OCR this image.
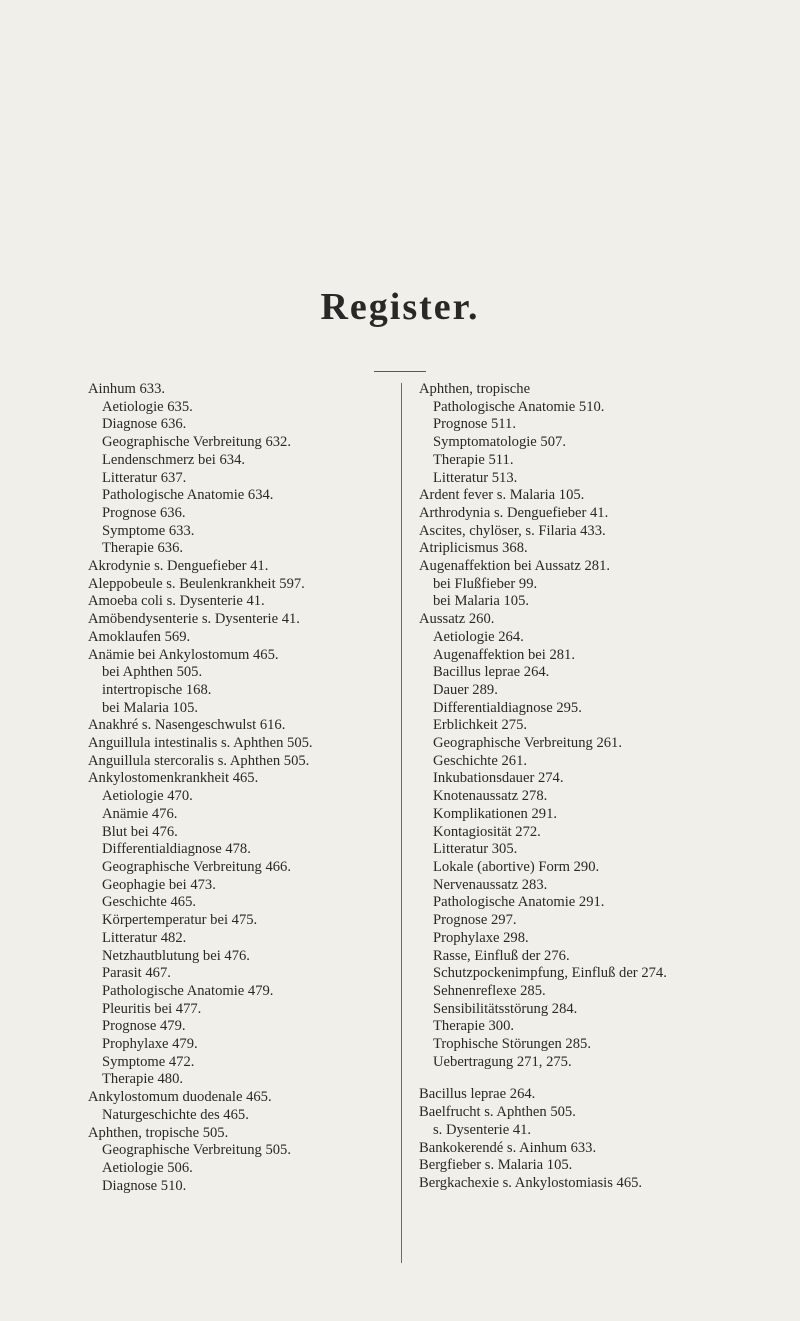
Register.
Ainhum 633.
Aetiologie 635.
Diagnose 636.
Geographische Verbreitung 632.
Lendenschmerz bei 634.
Litteratur 637.
Pathologische Anatomie 634.
Prognose 636.
Symptome 633.
Therapie 636.
Akrodynie s. Denguefieber 41.
Aleppobeule s. Beulenkrankheit 597.
Amoeba coli s. Dysenterie 41.
Amöbendysenterie s. Dysenterie 41.
Amoklaufen 569.
Anämie bei Ankylostomum 465.
bei Aphthen 505.
intertropische 168.
bei Malaria 105.
Anakhré s. Nasengeschwulst 616.
Anguillula intestinalis s. Aphthen 505.
Anguillula stercoralis s. Aphthen 505.
Ankylostomenkrankheit 465.
Aetiologie 470.
Anämie 476.
Blut bei 476.
Differentialdiagnose 478.
Geographische Verbreitung 466.
Geophagie bei 473.
Geschichte 465.
Körpertemperatur bei 475.
Litteratur 482.
Netzhautblutung bei 476.
Parasit 467.
Pathologische Anatomie 479.
Pleuritis bei 477.
Prognose 479.
Prophylaxe 479.
Symptome 472.
Therapie 480.
Ankylostomum duodenale 465.
Naturgeschichte des 465.
Aphthen, tropische 505.
Geographische Verbreitung 505.
Aetiologie 506.
Diagnose 510.
Aphthen, tropische
Pathologische Anatomie 510.
Prognose 511.
Symptomatologie 507.
Therapie 511.
Litteratur 513.
Ardent fever s. Malaria 105.
Arthrodynia s. Denguefieber 41.
Ascites, chylöser, s. Filaria 433.
Atriplicismus 368.
Augenaffektion bei Aussatz 281.
bei Flußfieber 99.
bei Malaria 105.
Aussatz 260.
Aetiologie 264.
Augenaffektion bei 281.
Bacillus leprae 264.
Dauer 289.
Differentialdiagnose 295.
Erblichkeit 275.
Geographische Verbreitung 261.
Geschichte 261.
Inkubationsdauer 274.
Knotenaussatz 278.
Komplikationen 291.
Kontagiosität 272.
Litteratur 305.
Lokale (abortive) Form 290.
Nervenaussatz 283.
Pathologische Anatomie 291.
Prognose 297.
Prophylaxe 298.
Rasse, Einfluß der 276.
Schutzpockenimpfung, Einfluß der 274.
Sehnenreflexe 285.
Sensibilitätsstörung 284.
Therapie 300.
Trophische Störungen 285.
Uebertragung 271, 275.
Bacillus leprae 264.
Baelfrucht s. Aphthen 505.
s. Dysenterie 41.
Bankokerendé s. Ainhum 633.
Bergfieber s. Malaria 105.
Bergkachexie s. Ankylostomiasis 465.
